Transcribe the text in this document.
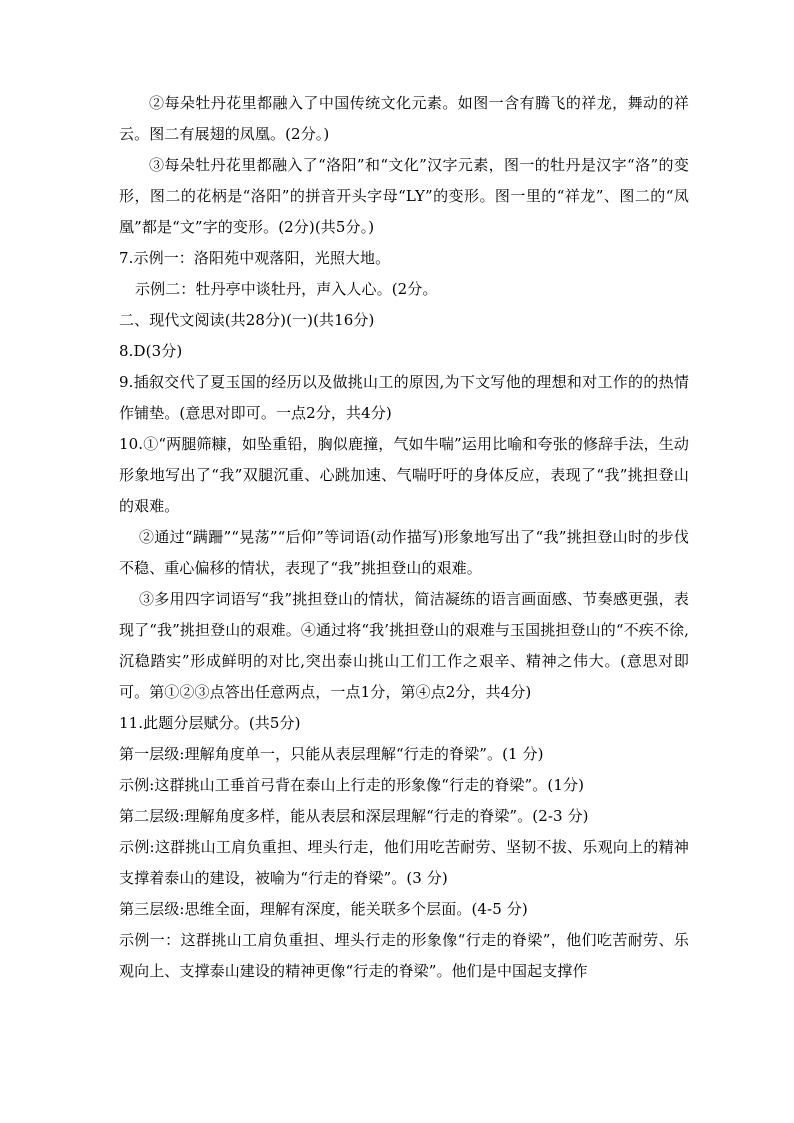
②每朵牡丹花里都融入了中国传统文化元素。如图一含有腾飞的祥龙，舞动的祥云。图二有展翅的凤凰。(2分。)

③每朵牡丹花里都融入了“洛阳”和“文化”汉字元素，图一的牡丹是汉字“洛”的变形，图二的花柄是“洛阳”的拼音开头字母“LY”的变形。图一里的“祥龙”、图二的“凤凰”都是“文”字的变形。(2分)(共5分。)

7.示例一：洛阳苑中观落阳，光照大地。

示例二：牡丹亭中谈牡丹，声入人心。(2分。

二、现代文阅读(共28分)(一)(共16分)

8.D(3分)

9.插叙交代了夏玉国的经历以及做挑山工的原因,为下文写他的理想和对工作的的热情作铺垫。(意思对即可。一点2分，共4分)

10.①“两腿筛糠，如坠重铅，胸似鹿撞，气如牛喘”运用比喻和夸张的修辞手法，生动形象地写出了“我”双腿沉重、心跳加速、气喘吁吁的身体反应，表现了“我”挑担登山的艰难。

②通过“蹒跚”“晃荡”“后仰”等词语(动作描写)形象地写出了“我”挑担登山时的步伐不稳、重心偏移的情状，表现了“我”挑担登山的艰难。

③多用四字词语写“我”挑担登山的情状，简洁凝练的语言画面感、节奏感更强，表现了“我”挑担登山的艰难。④通过将“我’挑担登山的艰难与玉国挑担登山的“不疾不徐,沉稳踏实”形成鲜明的对比,突出泰山挑山工们工作之艰辛、精神之伟大。(意思对即可。第①②③点答出任意两点，一点1分，第④点2分，共4分)

11.此题分层赋分。(共5分)

第一层级:理解角度单一，只能从表层理解“行走的脊梁”。(1 分)

示例:这群挑山工垂首弓背在泰山上行走的形象像“行走的脊梁”。(1分)

第二层级:理解角度多样，能从表层和深层理解“行走的脊梁”。(2-3 分)

示例:这群挑山工肩负重担、埋头行走，他们用吃苦耐劳、坚韧不拔、乐观向上的精神支撑着泰山的建设，被喻为“行走的脊梁”。(3 分)

第三层级:思维全面，理解有深度，能关联多个层面。(4-5 分)

示例一：这群挑山工肩负重担、埋头行走的形象像“行走的脊梁”，他们吃苦耐劳、乐观向上、支撑泰山建设的精神更像“行走的脊梁”。他们是中国起支撑作
